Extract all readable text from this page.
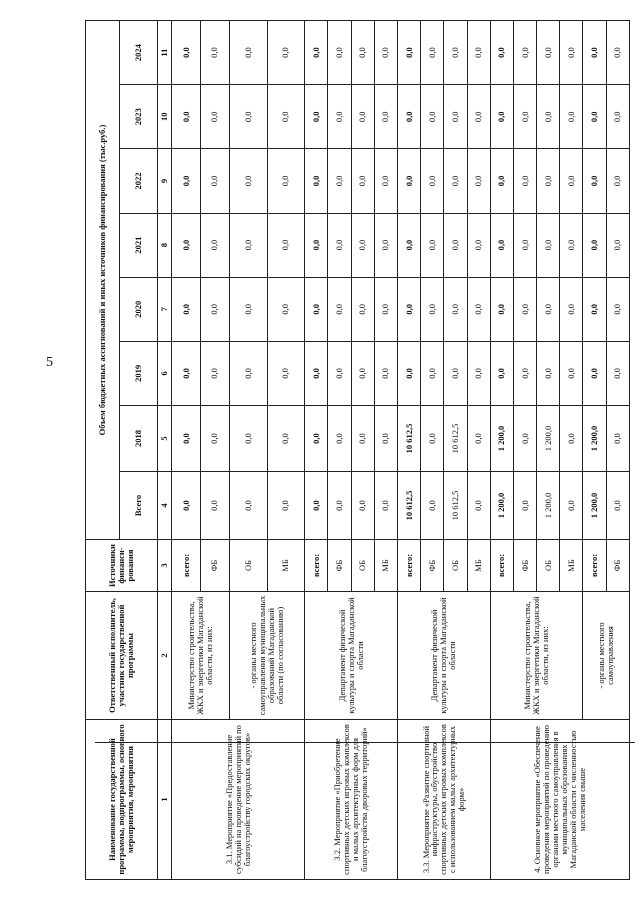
5
Наименование государственной программы, подпрограммы, основного мероприятия, мероприятия	Ответственный исполнитель, участник государственной программы	Источники финанси-рования	Объем бюджетных ассигнований и иных источников финансирования (тыс.руб.)							
			Всего	2018	2019	2020	2021	2022	2023	2024
1	2	3	4	5	6	7	8	9	10	11
3.1. Мероприятие «Предоставление субсидий на проведение мероприятий по благоустройству городских округов»	Министерство строительства, ЖКХ и энергетики Магаданской области, из них:	всего:	0,0	0,0	0,0	0,0	0,0	0,0	0,0	0,0
		ФБ	0,0	0,0	0,0	0,0	0,0	0,0	0,0	0,0
	- органы местного самоуправления муниципальных образований Магаданской области (по согласованию)	ОБ	0,0	0,0	0,0	0,0	0,0	0,0	0,0	0,0
		МБ	0,0	0,0	0,0	0,0	0,0	0,0	0,0	0,0
3.2. Мероприятие «Приобретение спортивных детских игровых комплексов и малых архитектурных форм для благоустройства дворовых территорий»	Департамент физической культуры и спорта Магаданской области	всего:	0,0	0,0	0,0	0,0	0,0	0,0	0,0	0,0
		ФБ	0,0	0,0	0,0	0,0	0,0	0,0	0,0	0,0
		ОБ	0,0	0,0	0,0	0,0	0,0	0,0	0,0	0,0
		МБ	0,0	0,0	0,0	0,0	0,0	0,0	0,0	0,0
3.3. Мероприятие «Развитие спортивной инфраструктуры, обустройство спортивных детских игровых комплексов с использованием малых архитектурных форм»	Департамент физической культуры и спорта Магаданской области	всего:	10 612,5	10 612,5	0,0	0,0	0,0	0,0	0,0	0,0
		ФБ	0,0	0,0	0,0	0,0	0,0	0,0	0,0	0,0
		ОБ	10 612,5	10 612,5	0,0	0,0	0,0	0,0	0,0	0,0
		МБ	0,0	0,0	0,0	0,0	0,0	0,0	0,0	0,0
4. Основное мероприятие «Обеспечение проведения мероприятий по проведению органами местного самоуправления в муниципальных образованиях Магаданской области с численностью населения свыше	Министерство строительства, ЖКХ и энергетики Магаданской области, из них:	всего:	1 200,0	1 200,0	0,0	0,0	0,0	0,0	0,0	0,0
		ФБ	0,0	0,0	0,0	0,0	0,0	0,0	0,0	0,0
		ОБ	1 200,0	1 200,0	0,0	0,0	0,0	0,0	0,0	0,0
		МБ	0,0	0,0	0,0	0,0	0,0	0,0	0,0	0,0
	- органы местного самоуправления	всего:	1 200,0	1 200,0	0,0	0,0	0,0	0,0	0,0	0,0
		ФБ	0,0	0,0	0,0	0,0	0,0	0,0	0,0	0,0
